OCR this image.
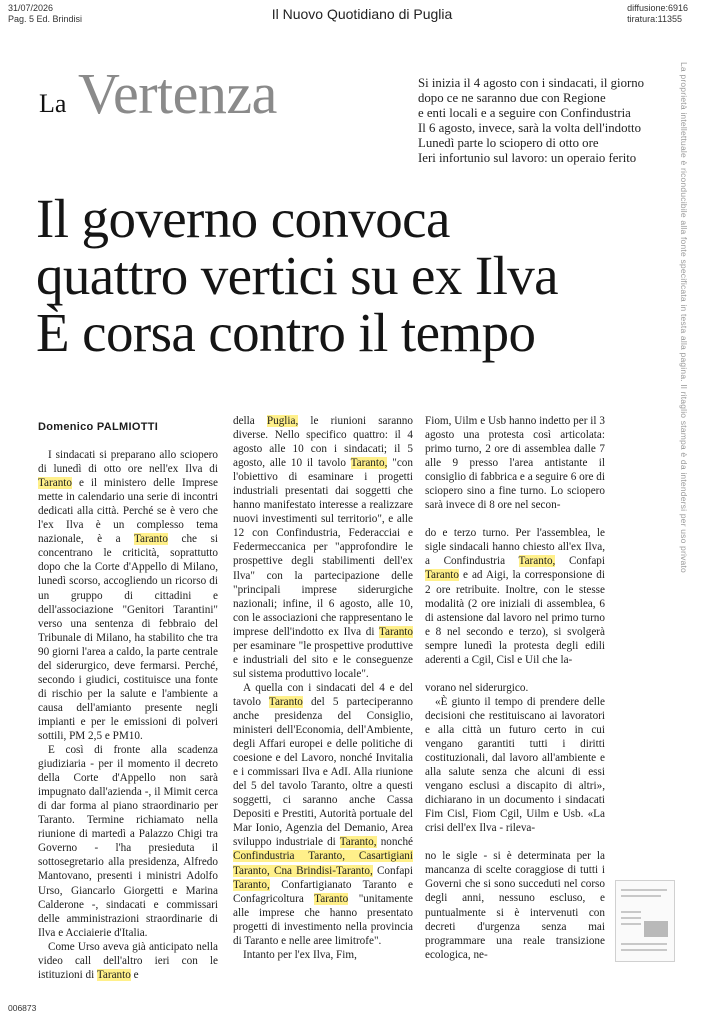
31/07/2026
Pag. 5 Ed. Brindisi	Il Nuovo Quotidiano di Puglia	diffusione:6916
tiratura:11355
La proprietà intellettuale è riconducibile alla fonte specificata in testa alla pagina. Il ritaglio stampa è da intendersi per uso privato
La Vertenza	Si inizia il 4 agosto con i sindacati, il giorno
dopo ce ne saranno due con Regione
e enti locali e a seguire con Confindustria
Il 6 agosto, invece, sarà la volta dell'indotto
Lunedì parte lo sciopero di otto ore
Ieri infortunio sul lavoro: un operaio ferito
Il governo convoca
quattro vertici su ex Ilva
È corsa contro il tempo

Domenico PALMIOTTI

I sindacati si preparano allo sciopero di lunedì di otto ore nell'ex Ilva di Taranto e il ministero delle Imprese mette in calendario una serie di incontri dedicati alla città. Perché se è vero che l'ex Ilva è un complesso tema nazionale, è a Taranto che si concentrano le criticità, soprattutto dopo che la Corte d'Appello di Milano, lunedì scorso, accogliendo un ricorso di un gruppo di cittadini e dell'associazione "Genitori Tarantini" verso una sentenza di febbraio del Tribunale di Milano, ha stabilito che tra 90 giorni l'area a caldo, la parte centrale del siderurgico, deve fermarsi. Perché, secondo i giudici, costituisce una fonte di rischio per la salute e l'ambiente a causa dell'amianto presente negli impianti e per le emissioni di polveri sottili, PM 2,5 e PM10.

E così di fronte alla scadenza giudiziaria - per il momento il decreto della Corte d'Appello non sarà impugnato dall'azienda -, il Mimit cerca di dar forma al piano straordinario per Taranto. Termine richiamato nella riunione di martedì a Palazzo Chigi tra Governo - l'ha presieduta il sottosegretario alla presidenza, Alfredo Mantovano, presenti i ministri Adolfo Urso, Giancarlo Giorgetti e Marina Calderone -, sindacati e commissari delle amministrazioni straordinarie di Ilva e Acciaierie d'Italia.

Come Urso aveva già anticipato nella video call dell'altro ieri con le istituzioni di Taranto e

della Puglia, le riunioni saranno diverse. Nello specifico quattro: il 4 agosto alle 10 con i sindacati; il 5 agosto, alle 10 il tavolo Taranto, "con l'obiettivo di esaminare i progetti industriali presentati dai soggetti che hanno manifestato interesse a realizzare nuovi investimenti sul territorio", e alle 12 con Confindustria, Federacciai e Federmeccanica per "approfondire le prospettive degli stabilimenti dell'ex Ilva" con la partecipazione delle "principali imprese siderurgiche nazionali; infine, il 6 agosto, alle 10, con le associazioni che rappresentano le imprese dell'indotto ex Ilva di Taranto per esaminare "le prospettive produttive e industriali del sito e le conseguenze sul sistema produttivo locale".

A quella con i sindacati del 4 e del tavolo Taranto del 5 parteciperanno anche presidenza del Consiglio, ministeri dell'Economia, dell'Ambiente, degli Affari europei e delle politiche di coesione e del Lavoro, nonché Invitalia e i commissari Ilva e AdI. Alla riunione del 5 del tavolo Taranto, oltre a questi soggetti, ci saranno anche Cassa Depositi e Prestiti, Autorità portuale del Mar Ionio, Agenzia del Demanio, Area sviluppo industriale di Taranto, nonché Confindustria Taranto, Casartigiani Taranto, Cna Brindisi-Taranto, Confapi Taranto, Confartigianato Taranto e Confagricoltura Taranto "unitamente alle imprese che hanno presentato progetti di investimento nella provincia di Taranto e nelle aree limitrofe".

Intanto per l'ex Ilva, Fim,

Fiom, Uilm e Usb hanno indetto per il 3 agosto una protesta così articolata: primo turno, 2 ore di assemblea dalle 7 alle 9 presso l'area antistante il consiglio di fabbrica e a seguire 6 ore di sciopero sino a fine turno. Lo sciopero sarà invece di 8 ore nel secon-

do e terzo turno. Per l'assemblea, le sigle sindacali hanno chiesto all'ex Ilva, a Confindustria Taranto, Confapi Taranto e ad Aigi, la corresponsione di 2 ore retribuite. Inoltre, con le stesse modalità (2 ore iniziali di assemblea, 6 di astensione dal lavoro nel primo turno e 8 nel secondo e terzo), si svolgerà sempre lunedì la protesta degli edili aderenti a Cgil, Cisl e Uil che la-

vorano nel siderurgico.

«È giunto il tempo di prendere delle decisioni che restituiscano ai lavoratori e alla città un futuro certo in cui vengano garantiti tutti i diritti costituzionali, dal lavoro all'ambiente e alla salute senza che alcuni di essi vengano esclusi a discapito di altri», dichiarano in un documento i sindacati Fim Cisl, Fiom Cgil, Uilm e Usb. «La crisi dell'ex Ilva - rileva-

no le sigle - si è determinata per la mancanza di scelte coraggiose di tutti i Governi che si sono succeduti nel corso degli anni, nessuno escluso, e puntualmente si è intervenuti con decreti d'urgenza senza mai programmare una reale transizione ecologica, ne-

006873
